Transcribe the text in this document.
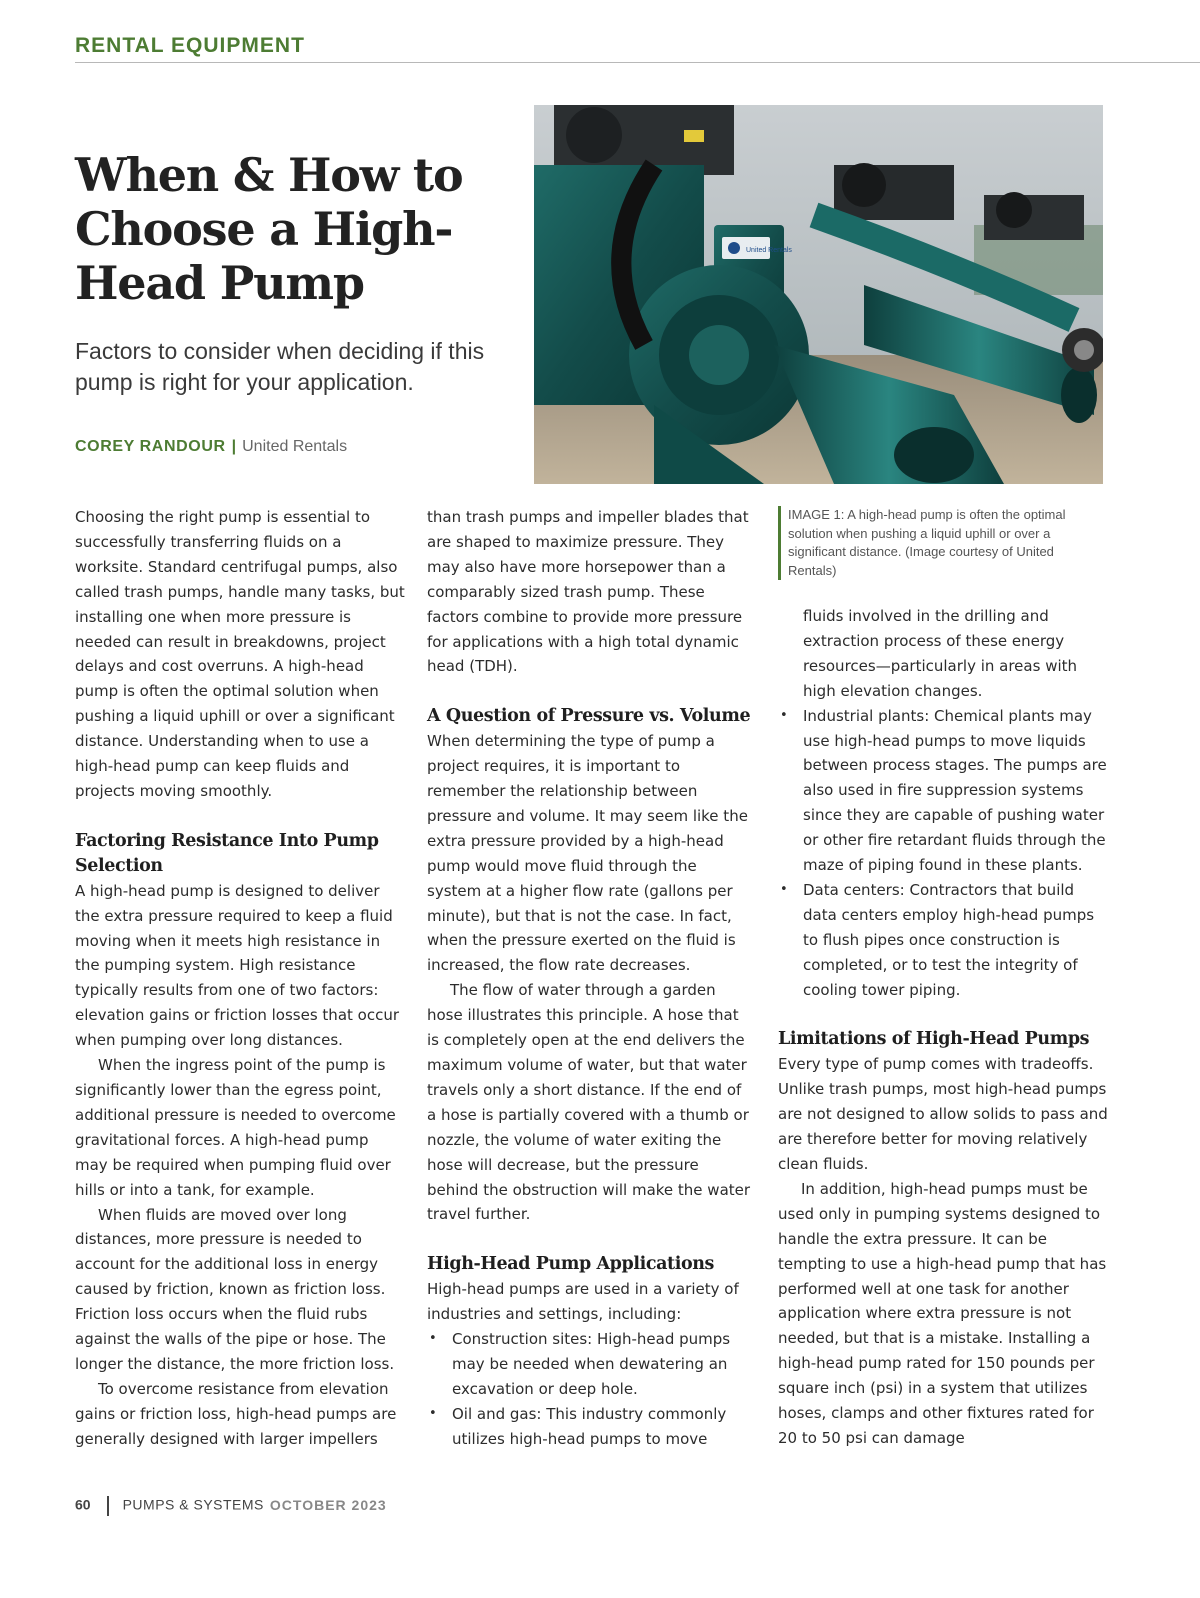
RENTAL EQUIPMENT
When & How to Choose a High-Head Pump
Factors to consider when deciding if this pump is right for your application.
COREY RANDOUR | United Rentals
United Rentals
IMAGE 1: A high-head pump is often the optimal solution when pushing a liquid uphill or over a significant distance. (Image courtesy of United Rentals)

Choosing the right pump is essential to successfully transferring fluids on a worksite. Standard centrifugal pumps, also called trash pumps, handle many tasks, but installing one when more pressure is needed can result in breakdowns, project delays and cost overruns. A high-head pump is often the optimal solution when pushing a liquid uphill or over a significant distance. Understanding when to use a high-head pump can keep fluids and projects moving smoothly.

Factoring Resistance Into Pump Selection

A high-head pump is designed to deliver the extra pressure required to keep a fluid moving when it meets high resistance in the pumping system. High resistance typically results from one of two factors: elevation gains or friction losses that occur when pumping over long distances.

When the ingress point of the pump is significantly lower than the egress point, additional pressure is needed to overcome gravitational forces. A high-head pump may be required when pumping fluid over hills or into a tank, for example.

When fluids are moved over long distances, more pressure is needed to account for the additional loss in energy caused by friction, known as friction loss. Friction loss occurs when the fluid rubs against the walls of the pipe or hose. The longer the distance, the more friction loss.

To overcome resistance from elevation gains or friction loss, high-head pumps are generally designed with larger impellers

than trash pumps and impeller blades that are shaped to maximize pressure. They may also have more horsepower than a comparably sized trash pump. These factors combine to provide more pressure for applications with a high total dynamic head (TDH).

A Question of Pressure vs. Volume

When determining the type of pump a project requires, it is important to remember the relationship between pressure and volume. It may seem like the extra pressure provided by a high-head pump would move fluid through the system at a higher flow rate (gallons per minute), but that is not the case. In fact, when the pressure exerted on the fluid is increased, the flow rate decreases.

The flow of water through a garden hose illustrates this principle. A hose that is completely open at the end delivers the maximum volume of water, but that water travels only a short distance. If the end of a hose is partially covered with a thumb or nozzle, the volume of water exiting the hose will decrease, but the pressure behind the obstruction will make the water travel further.

High-Head Pump Applications

High-head pumps are used in a variety of industries and settings, including:

• Construction sites: High-head pumps may be needed when dewatering an excavation or deep hole.
• Oil and gas: This industry commonly utilizes high-head pumps to move
fluids involved in the drilling and extraction process of these energy resources—particularly in areas with high elevation changes.
• Industrial plants: Chemical plants may use high-head pumps to move liquids between process stages. The pumps are also used in fire suppression systems since they are capable of pushing water or other fire retardant fluids through the maze of piping found in these plants.
• Data centers: Contractors that build data centers employ high-head pumps to flush pipes once construction is completed, or to test the integrity of cooling tower piping.
Limitations of High-Head Pumps

Every type of pump comes with tradeoffs. Unlike trash pumps, most high-head pumps are not designed to allow solids to pass and are therefore better for moving relatively clean fluids.

In addition, high-head pumps must be used only in pumping systems designed to handle the extra pressure. It can be tempting to use a high-head pump that has performed well at one task for another application where extra pressure is not needed, but that is a mistake. Installing a high-head pump rated for 150 pounds per square inch (psi) in a system that utilizes hoses, clamps and other fixtures rated for 20 to 50 psi can damage

60 PUMPS & SYSTEMS OCTOBER 2023
